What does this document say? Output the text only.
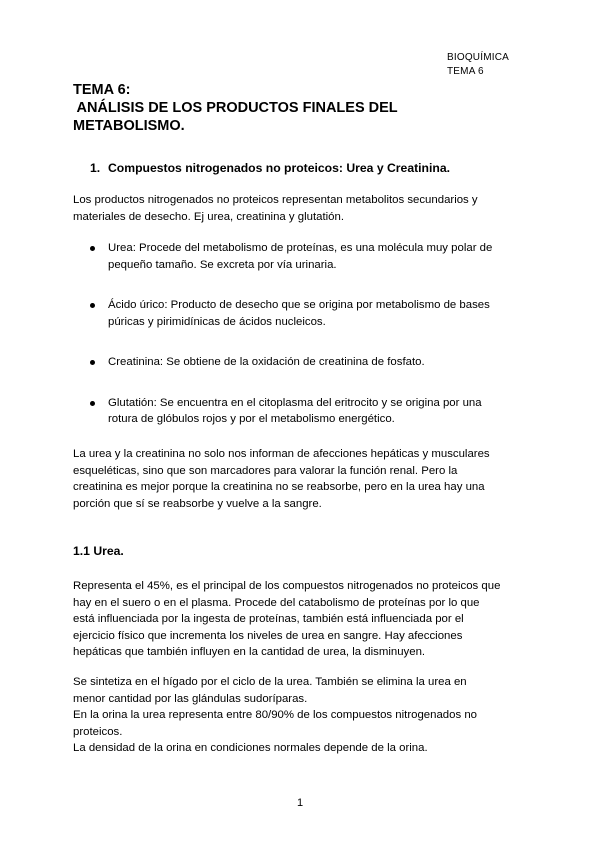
BIOQUÍMICA
TEMA 6
TEMA 6:
ANÁLISIS DE LOS PRODUCTOS FINALES DEL
METABOLISMO.
1. Compuestos nitrogenados no proteicos: Urea y Creatinina.
Los productos nitrogenados no proteicos representan metabolitos secundarios y
materiales de desecho. Ej urea, creatinina y glutatión.
Urea: Procede del metabolismo de proteínas, es una molécula muy polar de
pequeño tamaño. Se excreta por vía urinaria.
Ácido úrico: Producto de desecho que se origina por metabolismo de bases
púricas y pirimidínicas de ácidos nucleicos.
Creatinina: Se obtiene de la oxidación de creatinina de fosfato.
Glutatión: Se encuentra en el citoplasma del eritrocito y se origina por una
rotura de glóbulos rojos y por el metabolismo energético.
La urea y la creatinina no solo nos informan de afecciones hepáticas y musculares
esqueléticas, sino que son marcadores para valorar la función renal. Pero la
creatinina es mejor porque la creatinina no se reabsorbe, pero en la urea hay una
porción que sí se reabsorbe y vuelve a la sangre.
1.1 Urea.
Representa el 45%, es el principal de los compuestos nitrogenados no proteicos que
hay en el suero o en el plasma. Procede del catabolismo de proteínas por lo que
está influenciada por la ingesta de proteínas, también está influenciada por el
ejercicio físico que incrementa los niveles de urea en sangre. Hay afecciones
hepáticas que también influyen en la cantidad de urea, la disminuyen.
Se sintetiza en el hígado por el ciclo de la urea. También se elimina la urea en
menor cantidad por las glándulas sudoríparas.
En la orina la urea representa entre 80/90% de los compuestos nitrogenados no
proteicos.
La densidad de la orina en condiciones normales depende de la orina.
1
